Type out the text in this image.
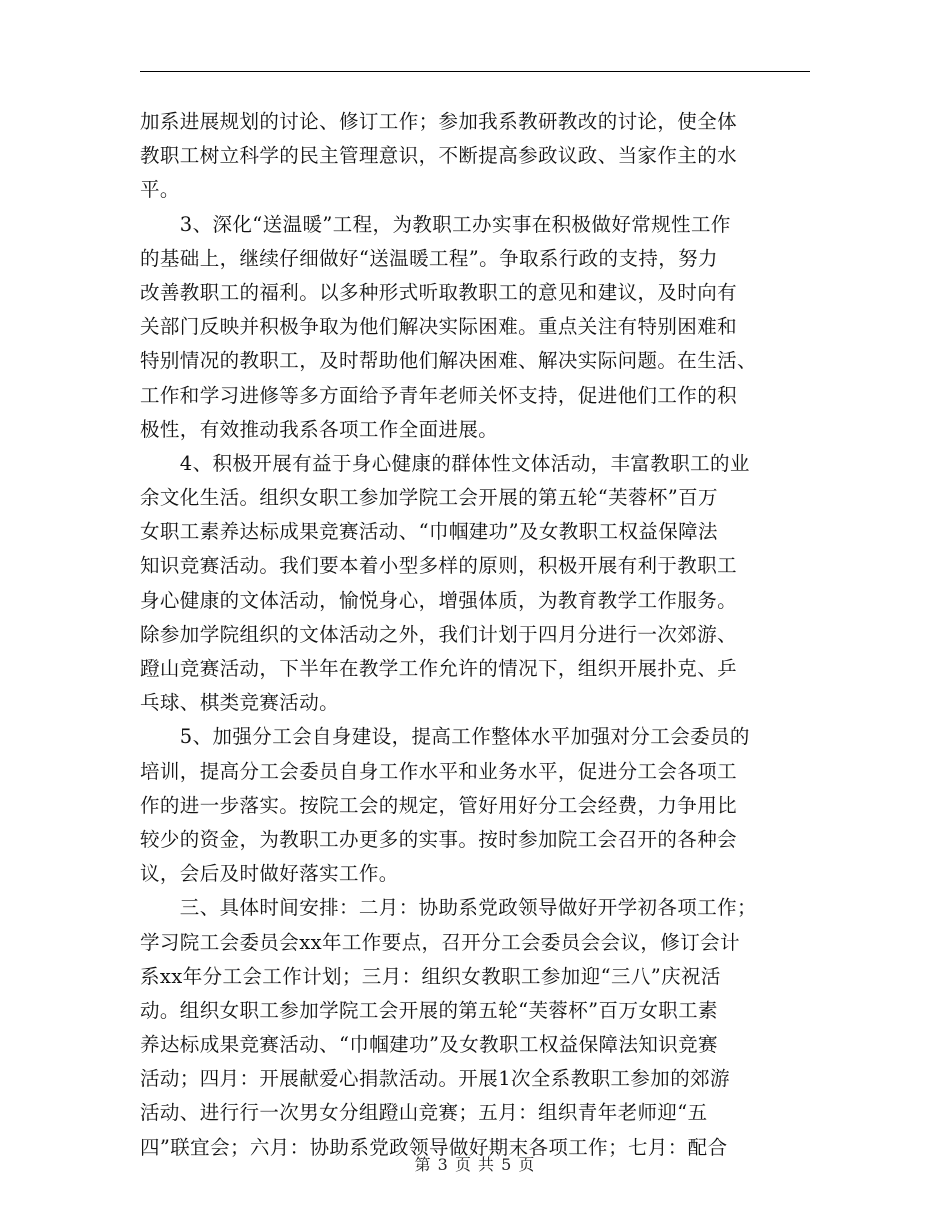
加系进展规划的讨论、修订工作；参加我系教研教改的讨论，使全体
教职工树立科学的民主管理意识，不断提高参政议政、当家作主的水
平。
　　3、深化“送温暖”工程，为教职工办实事在积极做好常规性工作
的基础上，继续仔细做好“送温暖工程”。争取系行政的支持，努力
改善教职工的福利。以多种形式听取教职工的意见和建议，及时向有
关部门反映并积极争取为他们解决实际困难。重点关注有特别困难和
特别情况的教职工，及时帮助他们解决困难、解决实际问题。在生活、
工作和学习进修等多方面给予青年老师关怀支持，促进他们工作的积
极性，有效推动我系各项工作全面进展。
　　4、积极开展有益于身心健康的群体性文体活动，丰富教职工的业
余文化生活。组织女职工参加学院工会开展的第五轮“芙蓉杯”百万
女职工素养达标成果竞赛活动、“巾帼建功”及女教职工权益保障法
知识竞赛活动。我们要本着小型多样的原则，积极开展有利于教职工
身心健康的文体活动，愉悦身心，增强体质，为教育教学工作服务。
除参加学院组织的文体活动之外，我们计划于四月分进行一次郊游、
蹬山竞赛活动，下半年在教学工作允许的情况下，组织开展扑克、乒
乓球、棋类竞赛活动。
　　5、加强分工会自身建设，提高工作整体水平加强对分工会委员的
培训，提高分工会委员自身工作水平和业务水平，促进分工会各项工
作的进一步落实。按院工会的规定，管好用好分工会经费，力争用比
较少的资金，为教职工办更多的实事。按时参加院工会召开的各种会
议，会后及时做好落实工作。
　　三、具体时间安排：二月：协助系党政领导做好开学初各项工作；
学习院工会委员会xx年工作要点，召开分工会委员会会议，修订会计
系xx年分工会工作计划；三月：组织女教职工参加迎“三八”庆祝活
动。组织女职工参加学院工会开展的第五轮“芙蓉杯”百万女职工素
养达标成果竞赛活动、“巾帼建功”及女教职工权益保障法知识竞赛
活动；四月：开展献爱心捐款活动。开展1次全系教职工参加的郊游
活动、进行行一次男女分组蹬山竞赛；五月：组织青年老师迎“五
四”联宜会；六月：协助系党政领导做好期末各项工作；七月：配合
第 3 页 共 5 页
